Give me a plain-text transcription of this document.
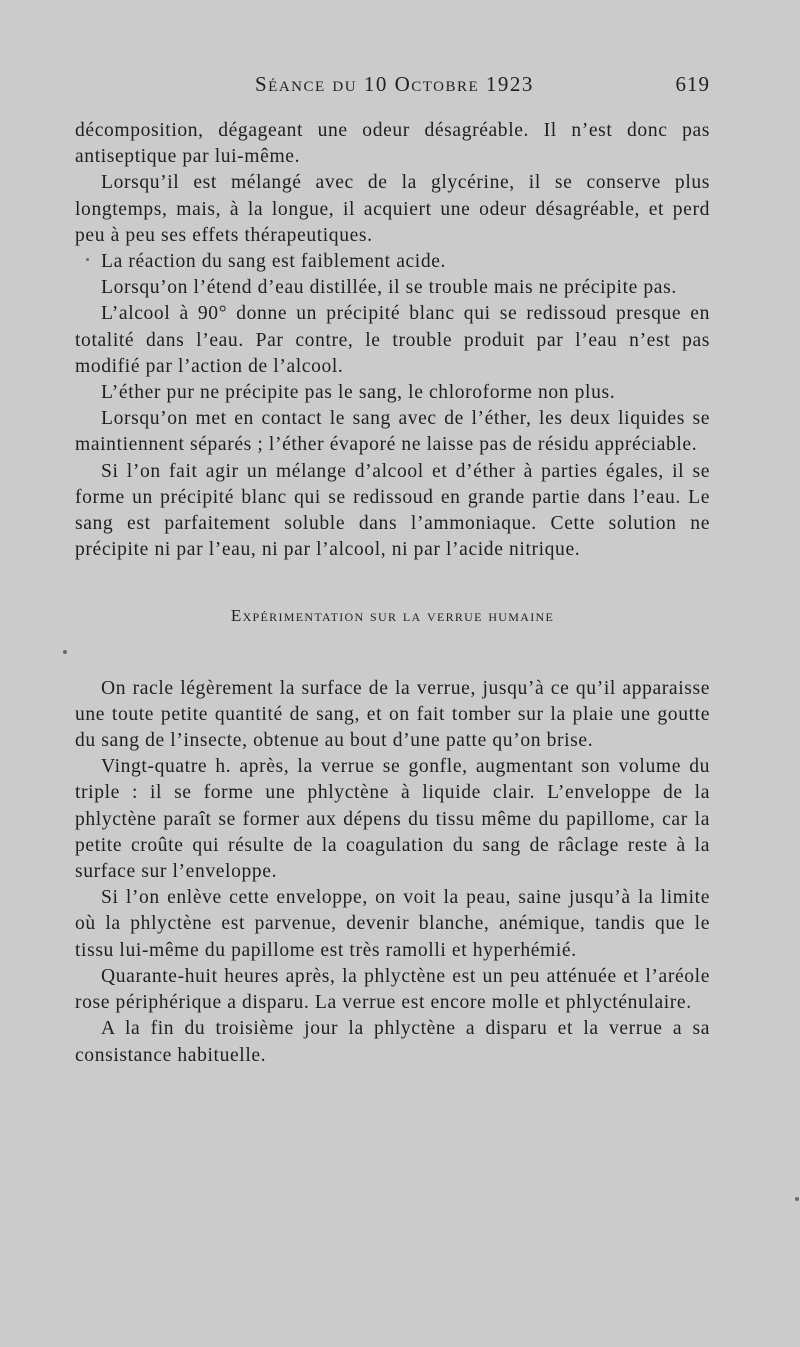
Séance du 10 Octobre 1923	619

décomposition, dégageant une odeur désagréable. Il n’est donc pas antiseptique par lui-même.

Lorsqu’il est mélangé avec de la glycérine, il se conserve plus longtemps, mais, à la longue, il acquiert une odeur désagréable, et perd peu à peu ses effets thérapeutiques.

La réaction du sang est faiblement acide.

Lorsqu’on l’étend d’eau distillée, il se trouble mais ne précipite pas.

L’alcool à 90° donne un précipité blanc qui se redissoud presque en totalité dans l’eau. Par contre, le trouble produit par l’eau n’est pas modifié par l’action de l’alcool.

L’éther pur ne précipite pas le sang, le chloroforme non plus.

Lorsqu’on met en contact le sang avec de l’éther, les deux liquides se maintiennent séparés ; l’éther évaporé ne laisse pas de résidu appréciable.

Si l’on fait agir un mélange d’alcool et d’éther à parties égales, il se forme un précipité blanc qui se redissoud en grande partie dans l’eau. Le sang est parfaitement soluble dans l’ammoniaque. Cette solution ne précipite ni par l’eau, ni par l’alcool, ni par l’acide nitrique.

Expérimentation sur la verrue humaine

On racle légèrement la surface de la verrue, jusqu’à ce qu’il apparaisse une toute petite quantité de sang, et on fait tomber sur la plaie une goutte du sang de l’insecte, obtenue au bout d’une patte qu’on brise.

Vingt-quatre h. après, la verrue se gonfle, augmentant son volume du triple : il se forme une phlyctène à liquide clair. L’enveloppe de la phlyctène paraît se former aux dépens du tissu même du papillome, car la petite croûte qui résulte de la coagulation du sang de râclage reste à la surface sur l’enveloppe.

Si l’on enlève cette enveloppe, on voit la peau, saine jusqu’à la limite où la phlyctène est parvenue, devenir blanche, anémique, tandis que le tissu lui-même du papillome est très ramolli et hyperhémié.

Quarante-huit heures après, la phlyctène est un peu atténuée et l’aréole rose périphérique a disparu. La verrue est encore molle et phlycténulaire.

A la fin du troisième jour la phlyctène a disparu et la verrue a sa consistance habituelle.
